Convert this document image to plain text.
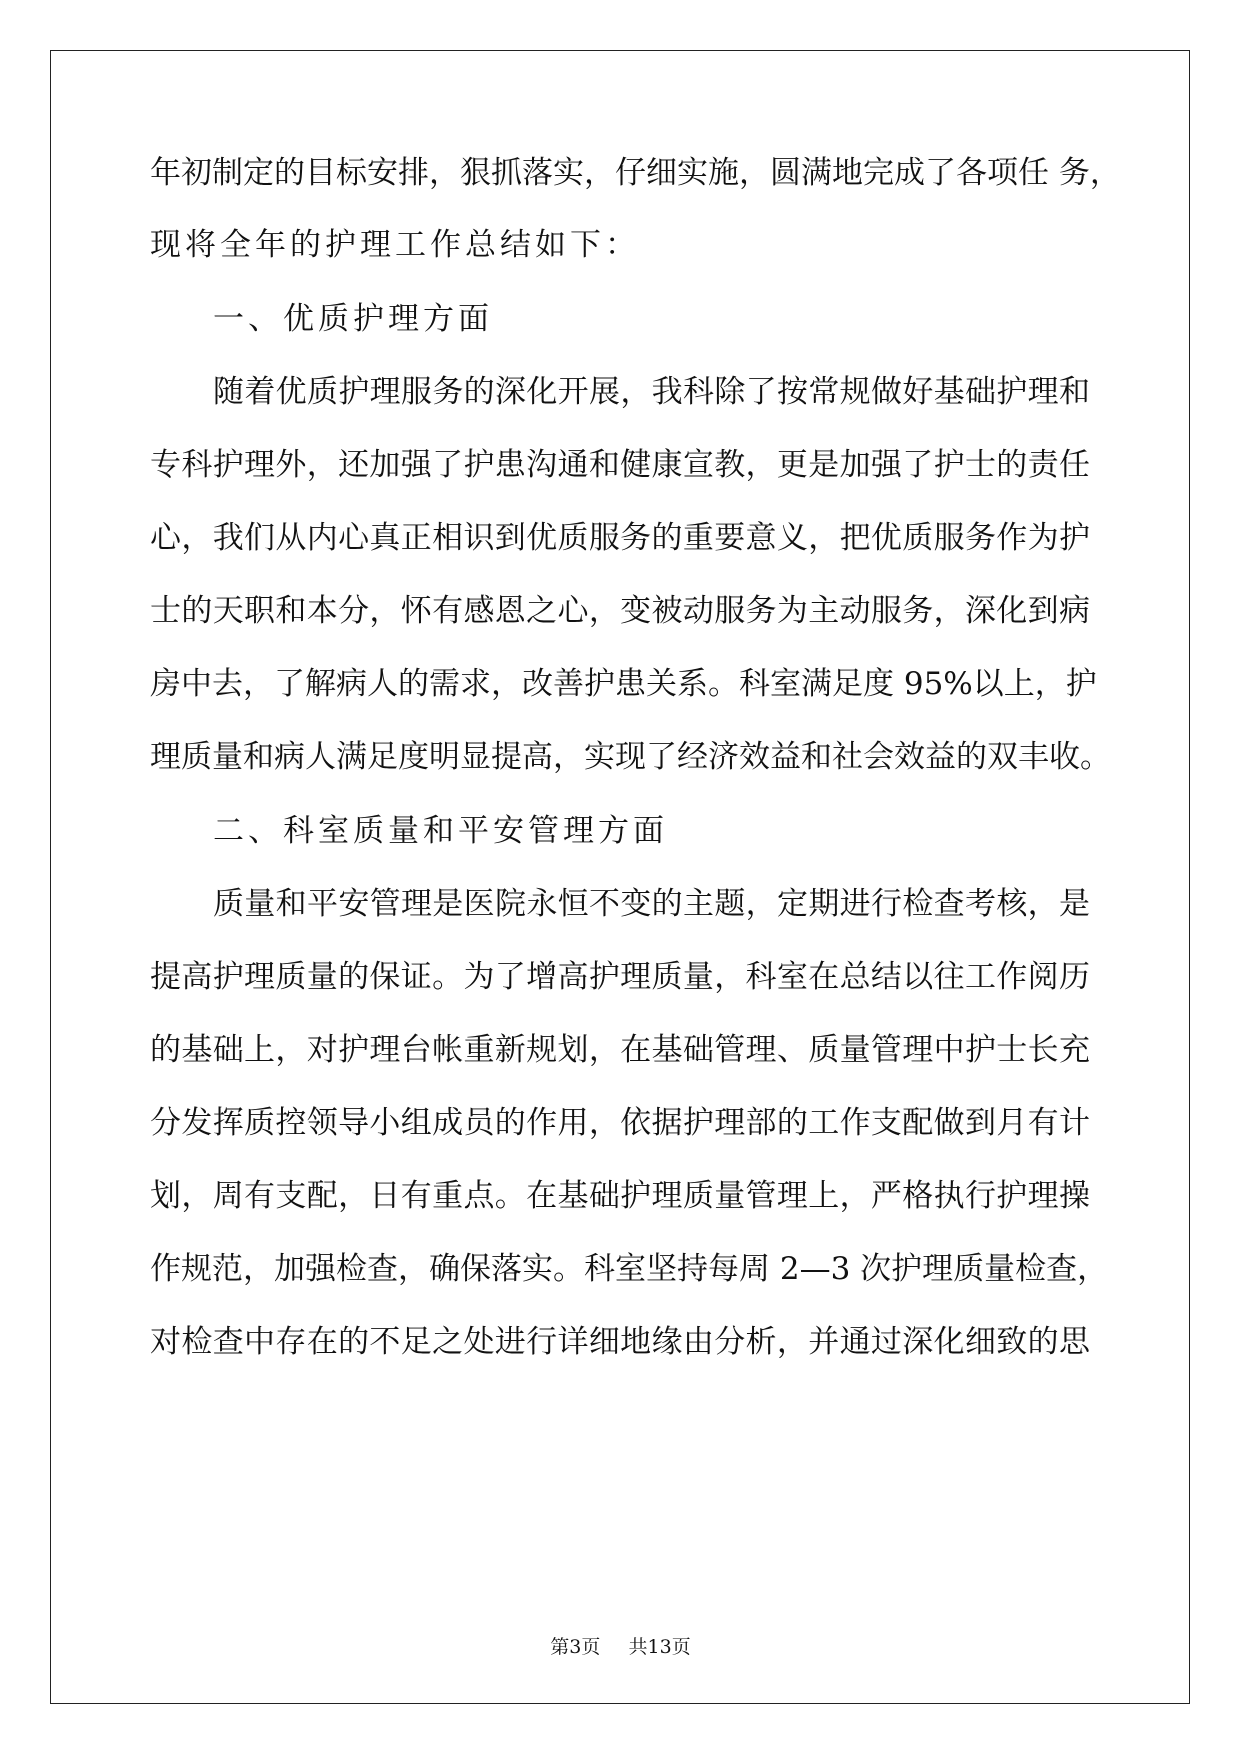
年初制定的目标安排，狠抓落实，仔细实施，圆满地完成了各项任 务，
现将全年的护理工作总结如下：
一、优质护理方面
随着优质护理服务的深化开展，我科除了按常规做好基础护理和
专科护理外，还加强了护患沟通和健康宣教，更是加强了护士的责任
心，我们从内心真正相识到优质服务的重要意义，把优质服务作为护
士的天职和本分，怀有感恩之心，变被动服务为主动服务，深化到病
房中去，了解病人的需求，改善护患关系。科室满足度 95%以上，护
理质量和病人满足度明显提高，实现了经济效益和社会效益的双丰收。
二、科室质量和平安管理方面
质量和平安管理是医院永恒不变的主题，定期进行检查考核，是
提高护理质量的保证。为了增高护理质量，科室在总结以往工作阅历
的基础上，对护理台帐重新规划，在基础管理、质量管理中护士长充
分发挥质控领导小组成员的作用，依据护理部的工作支配做到月有计
划，周有支配，日有重点。在基础护理质量管理上，严格执行护理操
作规范，加强检查，确保落实。科室坚持每周 2—3 次护理质量检查，
对检查中存在的不足之处进行详细地缘由分析，并通过深化细致的思
第3页 共13页
